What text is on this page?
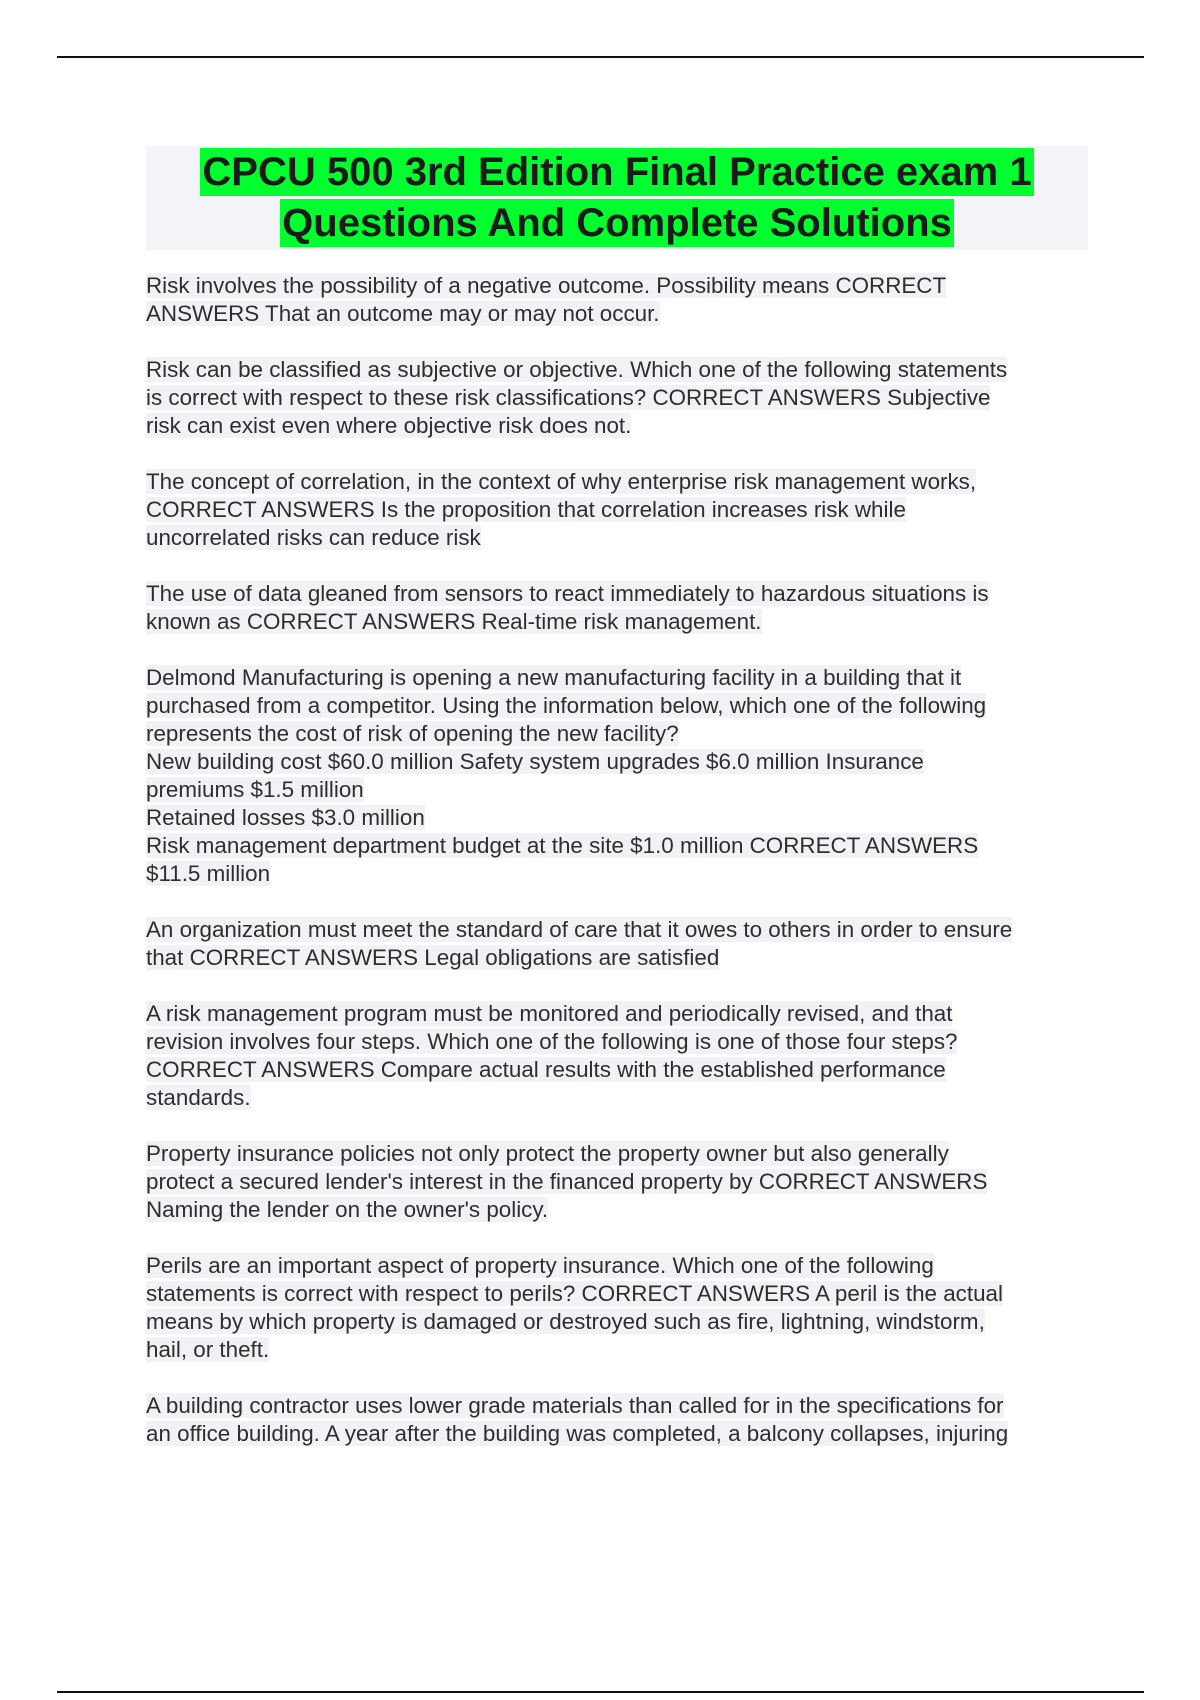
CPCU 500 3rd Edition Final Practice exam 1
Questions And Complete Solutions

Risk involves the possibility of a negative outcome. Possibility means CORRECT
ANSWERS That an outcome may or may not occur.

Risk can be classified as subjective or objective. Which one of the following statements
is correct with respect to these risk classifications? CORRECT ANSWERS Subjective
risk can exist even where objective risk does not.

The concept of correlation, in the context of why enterprise risk management works,
CORRECT ANSWERS Is the proposition that correlation increases risk while
uncorrelated risks can reduce risk

The use of data gleaned from sensors to react immediately to hazardous situations is
known as CORRECT ANSWERS Real-time risk management.

Delmond Manufacturing is opening a new manufacturing facility in a building that it
purchased from a competitor. Using the information below, which one of the following
represents the cost of risk of opening the new facility?
New building cost $60.0 million Safety system upgrades $6.0 million Insurance
premiums $1.5 million
Retained losses $3.0 million
Risk management department budget at the site $1.0 million CORRECT ANSWERS
$11.5 million

An organization must meet the standard of care that it owes to others in order to ensure
that CORRECT ANSWERS Legal obligations are satisfied

A risk management program must be monitored and periodically revised, and that
revision involves four steps. Which one of the following is one of those four steps?
CORRECT ANSWERS Compare actual results with the established performance
standards.

Property insurance policies not only protect the property owner but also generally
protect a secured lender's interest in the financed property by CORRECT ANSWERS
Naming the lender on the owner's policy.

Perils are an important aspect of property insurance. Which one of the following
statements is correct with respect to perils? CORRECT ANSWERS A peril is the actual
means by which property is damaged or destroyed such as fire, lightning, windstorm,
hail, or theft.

A building contractor uses lower grade materials than called for in the specifications for
an office building. A year after the building was completed, a balcony collapses, injuring
